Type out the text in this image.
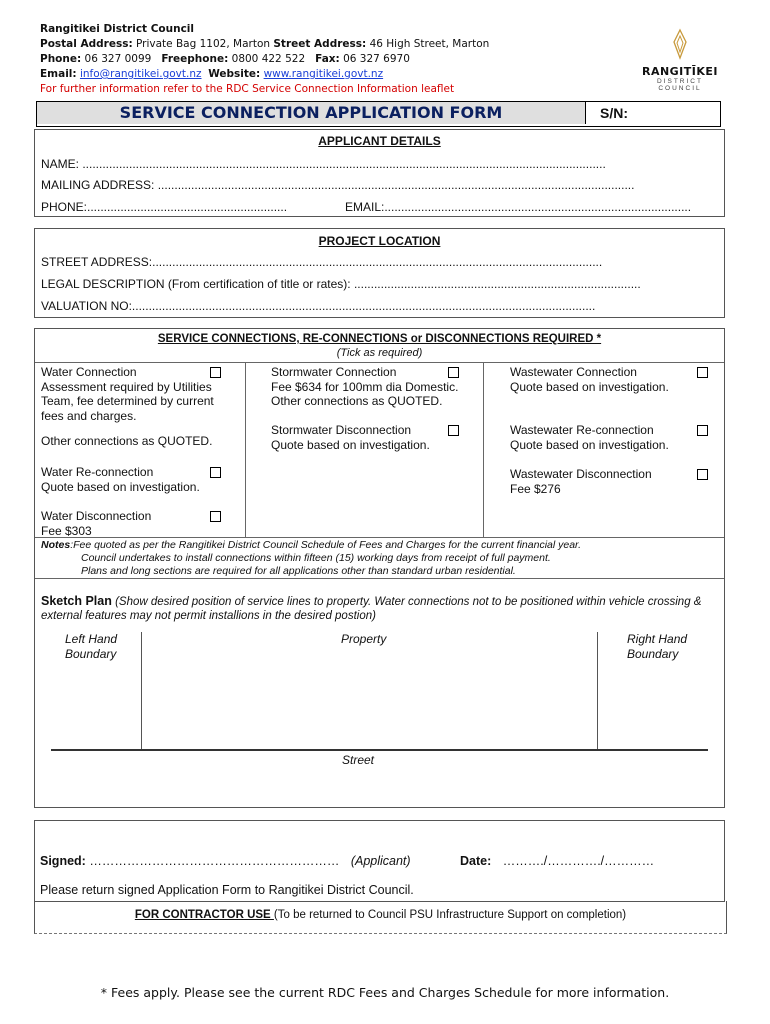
Rangitikei District Council
Postal Address: Private Bag 1102, Marton Street Address: 46 High Street, Marton
Phone: 06 327 0099 Freephone: 0800 422 522 Fax: 06 327 6970
Email: info@rangitikei.govt.nz Website: www.rangitikei.govt.nz
For further information refer to the RDC Service Connection Information leaflet
RANGITĪKEI
DISTRICT COUNCIL
SERVICE CONNECTION APPLICATION FORM	S/N:
APPLICANT DETAILS
NAME: .............................................................................................................................................................
MAILING ADDRESS: ...............................................................................................................................................
PHONE:............................................................	EMAIL:............................................................................................
PROJECT LOCATION
STREET ADDRESS:.......................................................................................................................................
LEGAL DESCRIPTION (From certification of title or rates): ......................................................................................
VALUATION NO:...........................................................................................................................................
SERVICE CONNECTIONS, RE-CONNECTIONS or DISCONNECTIONS REQUIRED *
(Tick as required)
Water Connection
Assessment required by Utilities Team, fee determined by current fees and charges.
Other connections as QUOTED.
Water Re-connection
Quote based on investigation.
Water Disconnection
Fee $303
Stormwater Connection
Fee $634 for 100mm dia Domestic. Other connections as QUOTED.
Stormwater Disconnection
Quote based on investigation.
Wastewater Connection
Quote based on investigation.
Wastewater Re-connection
Quote based on investigation.
Wastewater Disconnection
Fee $276
Notes:Fee quoted as per the Rangitikei District Council Schedule of Fees and Charges for the current financial year.
Council undertakes to install connections within fifteen (15) working days from receipt of full payment.
Plans and long sections are required for all applications other than standard urban residential.
Sketch Plan (Show desired position of service lines to property. Water connections not to be positioned within vehicle crossing & external features may not permit installions in the desired postion)
Left Hand Boundary
Property	Right Hand Boundary
Street
Signed: …………………………………………………… (Applicant)	Date: ………./…………./…………
Please return signed Application Form to Rangitikei District Council.
FOR CONTRACTOR USE (To be returned to Council PSU Infrastructure Support on completion)
* Fees apply. Please see the current RDC Fees and Charges Schedule for more information.
